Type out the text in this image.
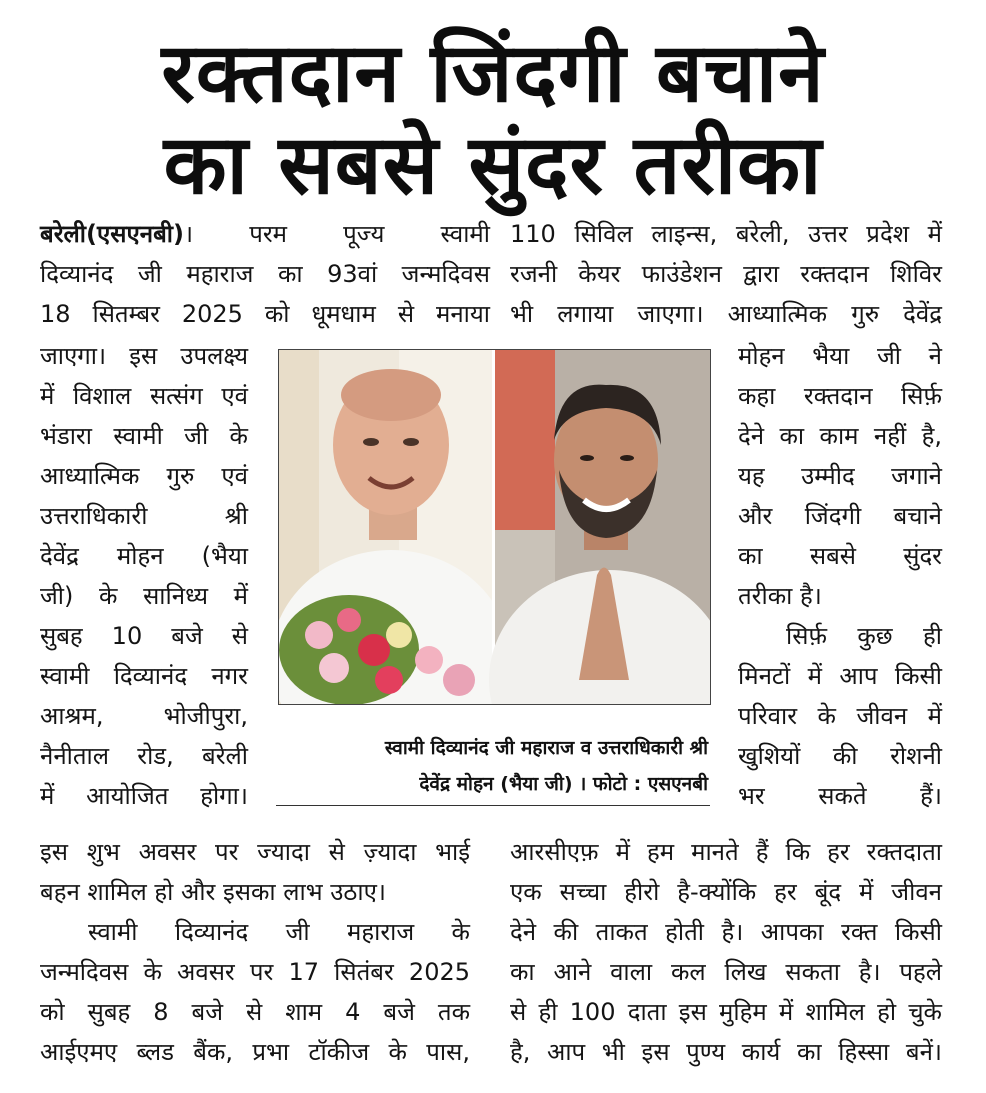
रक्तदान जिंदगी बचाने
का सबसे सुंदर तरीका

बरेली(एसएनबी)। परम पूज्य स्वामी

दिव्यानंद जी महाराज का 93वां जन्मदिवस

18 सितम्बर 2025 को धूमधाम से मनाया

जाएगा। इस उपलक्ष्य

में विशाल सत्संग एवं

भंडारा स्वामी जी के

आध्यात्मिक गुरु एवं

उत्तराधिकारी श्री

देवेंद्र मोहन (भैया

जी) के सानिध्य में

सुबह 10 बजे से

स्वामी दिव्यानंद नगर

आश्रम, भोजीपुरा,

नैनीताल रोड, बरेली

में आयोजित होगा।

इस शुभ अवसर पर ज्यादा से ज़्यादा भाई

बहन शामिल हो और इसका लाभ उठाए।

स्वामी दिव्यानंद जी महाराज के

जन्मदिवस के अवसर पर 17 सितंबर 2025

को सुबह 8 बजे से शाम 4 बजे तक

आईएमए ब्लड बैंक, प्रभा टॉकीज के पास,

110 सिविल लाइन्स, बरेली, उत्तर प्रदेश में

रजनी केयर फाउंडेशन द्वारा रक्तदान शिविर

भी लगाया जाएगा। आध्यात्मिक गुरु देवेंद्र

मोहन भैया जी ने

कहा रक्तदान सिर्फ़

देने का काम नहीं है,

यह उम्मीद जगाने

और जिंदगी बचाने

का सबसे सुंदर

तरीका है।

सिर्फ़ कुछ ही

मिनटों में आप किसी

परिवार के जीवन में

खुशियों की रोशनी

भर सकते हैं।

आरसीएफ़ में हम मानते हैं कि हर रक्तदाता

एक सच्चा हीरो है-क्योंकि हर बूंद में जीवन

देने की ताकत होती है। आपका रक्त किसी

का आने वाला कल लिख सकता है। पहले

से ही 100 दाता इस मुहिम में शामिल हो चुके

है, आप भी इस पुण्य कार्य का हिस्सा बनें।

स्वामी दिव्यानंद जी महाराज व उत्तराधिकारी श्री
देवेंद्र मोहन (भैया जी) । फोटो : एसएनबी
